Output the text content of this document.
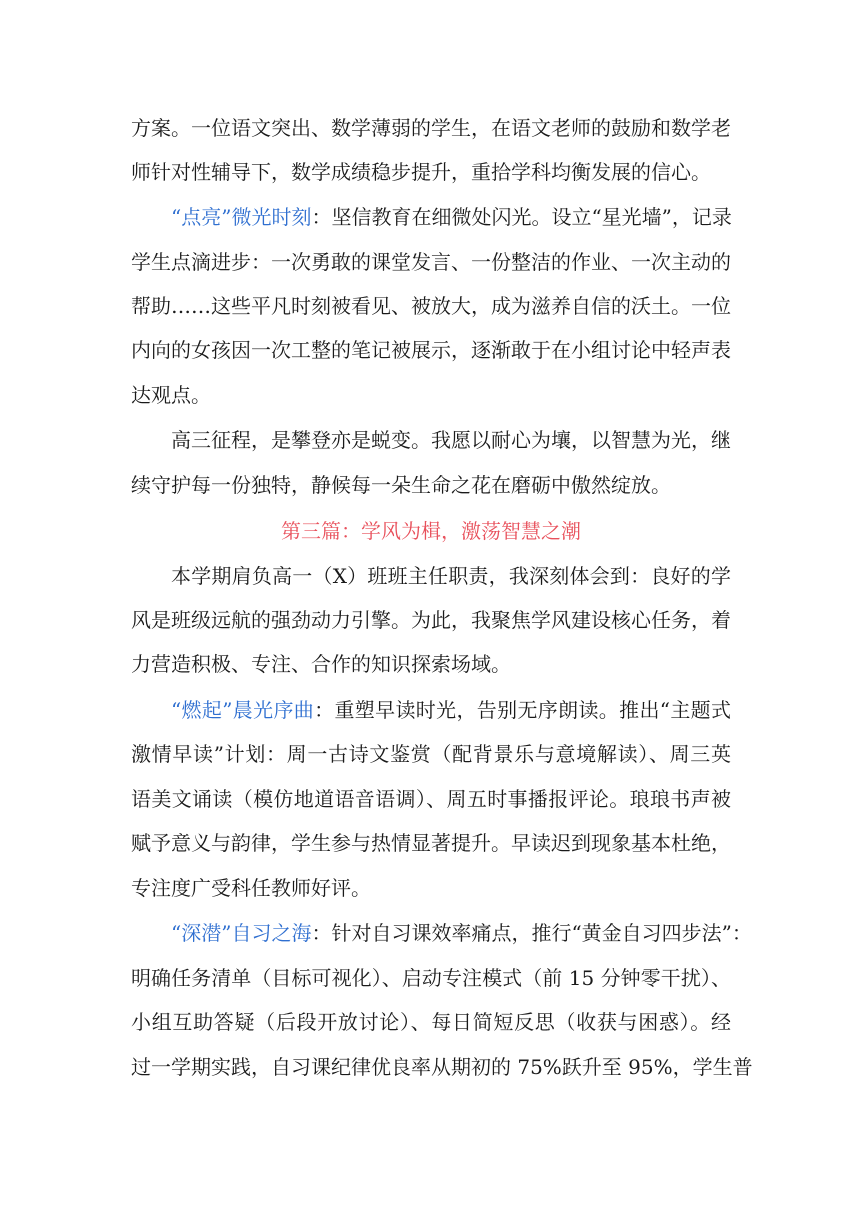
方案。一位语文突出、数学薄弱的学生，在语文老师的鼓励和数学老
师针对性辅导下，数学成绩稳步提升，重拾学科均衡发展的信心。
“点亮”微光时刻：坚信教育在细微处闪光。设立“星光墙”，记录
学生点滴进步：一次勇敢的课堂发言、一份整洁的作业、一次主动的
帮助……这些平凡时刻被看见、被放大，成为滋养自信的沃土。一位
内向的女孩因一次工整的笔记被展示，逐渐敢于在小组讨论中轻声表
达观点。
高三征程，是攀登亦是蜕变。我愿以耐心为壤，以智慧为光，继
续守护每一份独特，静候每一朵生命之花在磨砺中傲然绽放。
第三篇：学风为楫，激荡智慧之潮
本学期肩负高一（X）班班主任职责，我深刻体会到：良好的学
风是班级远航的强劲动力引擎。为此，我聚焦学风建设核心任务，着
力营造积极、专注、合作的知识探索场域。
“燃起”晨光序曲：重塑早读时光，告别无序朗读。推出“主题式
激情早读”计划：周一古诗文鉴赏（配背景乐与意境解读）、周三英
语美文诵读（模仿地道语音语调）、周五时事播报评论。琅琅书声被
赋予意义与韵律，学生参与热情显著提升。早读迟到现象基本杜绝，
专注度广受科任教师好评。
“深潜”自习之海：针对自习课效率痛点，推行“黄金自习四步法”：
明确任务清单（目标可视化）、启动专注模式（前 15 分钟零干扰）、
小组互助答疑（后段开放讨论）、每日简短反思（收获与困惑）。经
过一学期实践，自习课纪律优良率从期初的 75%跃升至 95%，学生普
